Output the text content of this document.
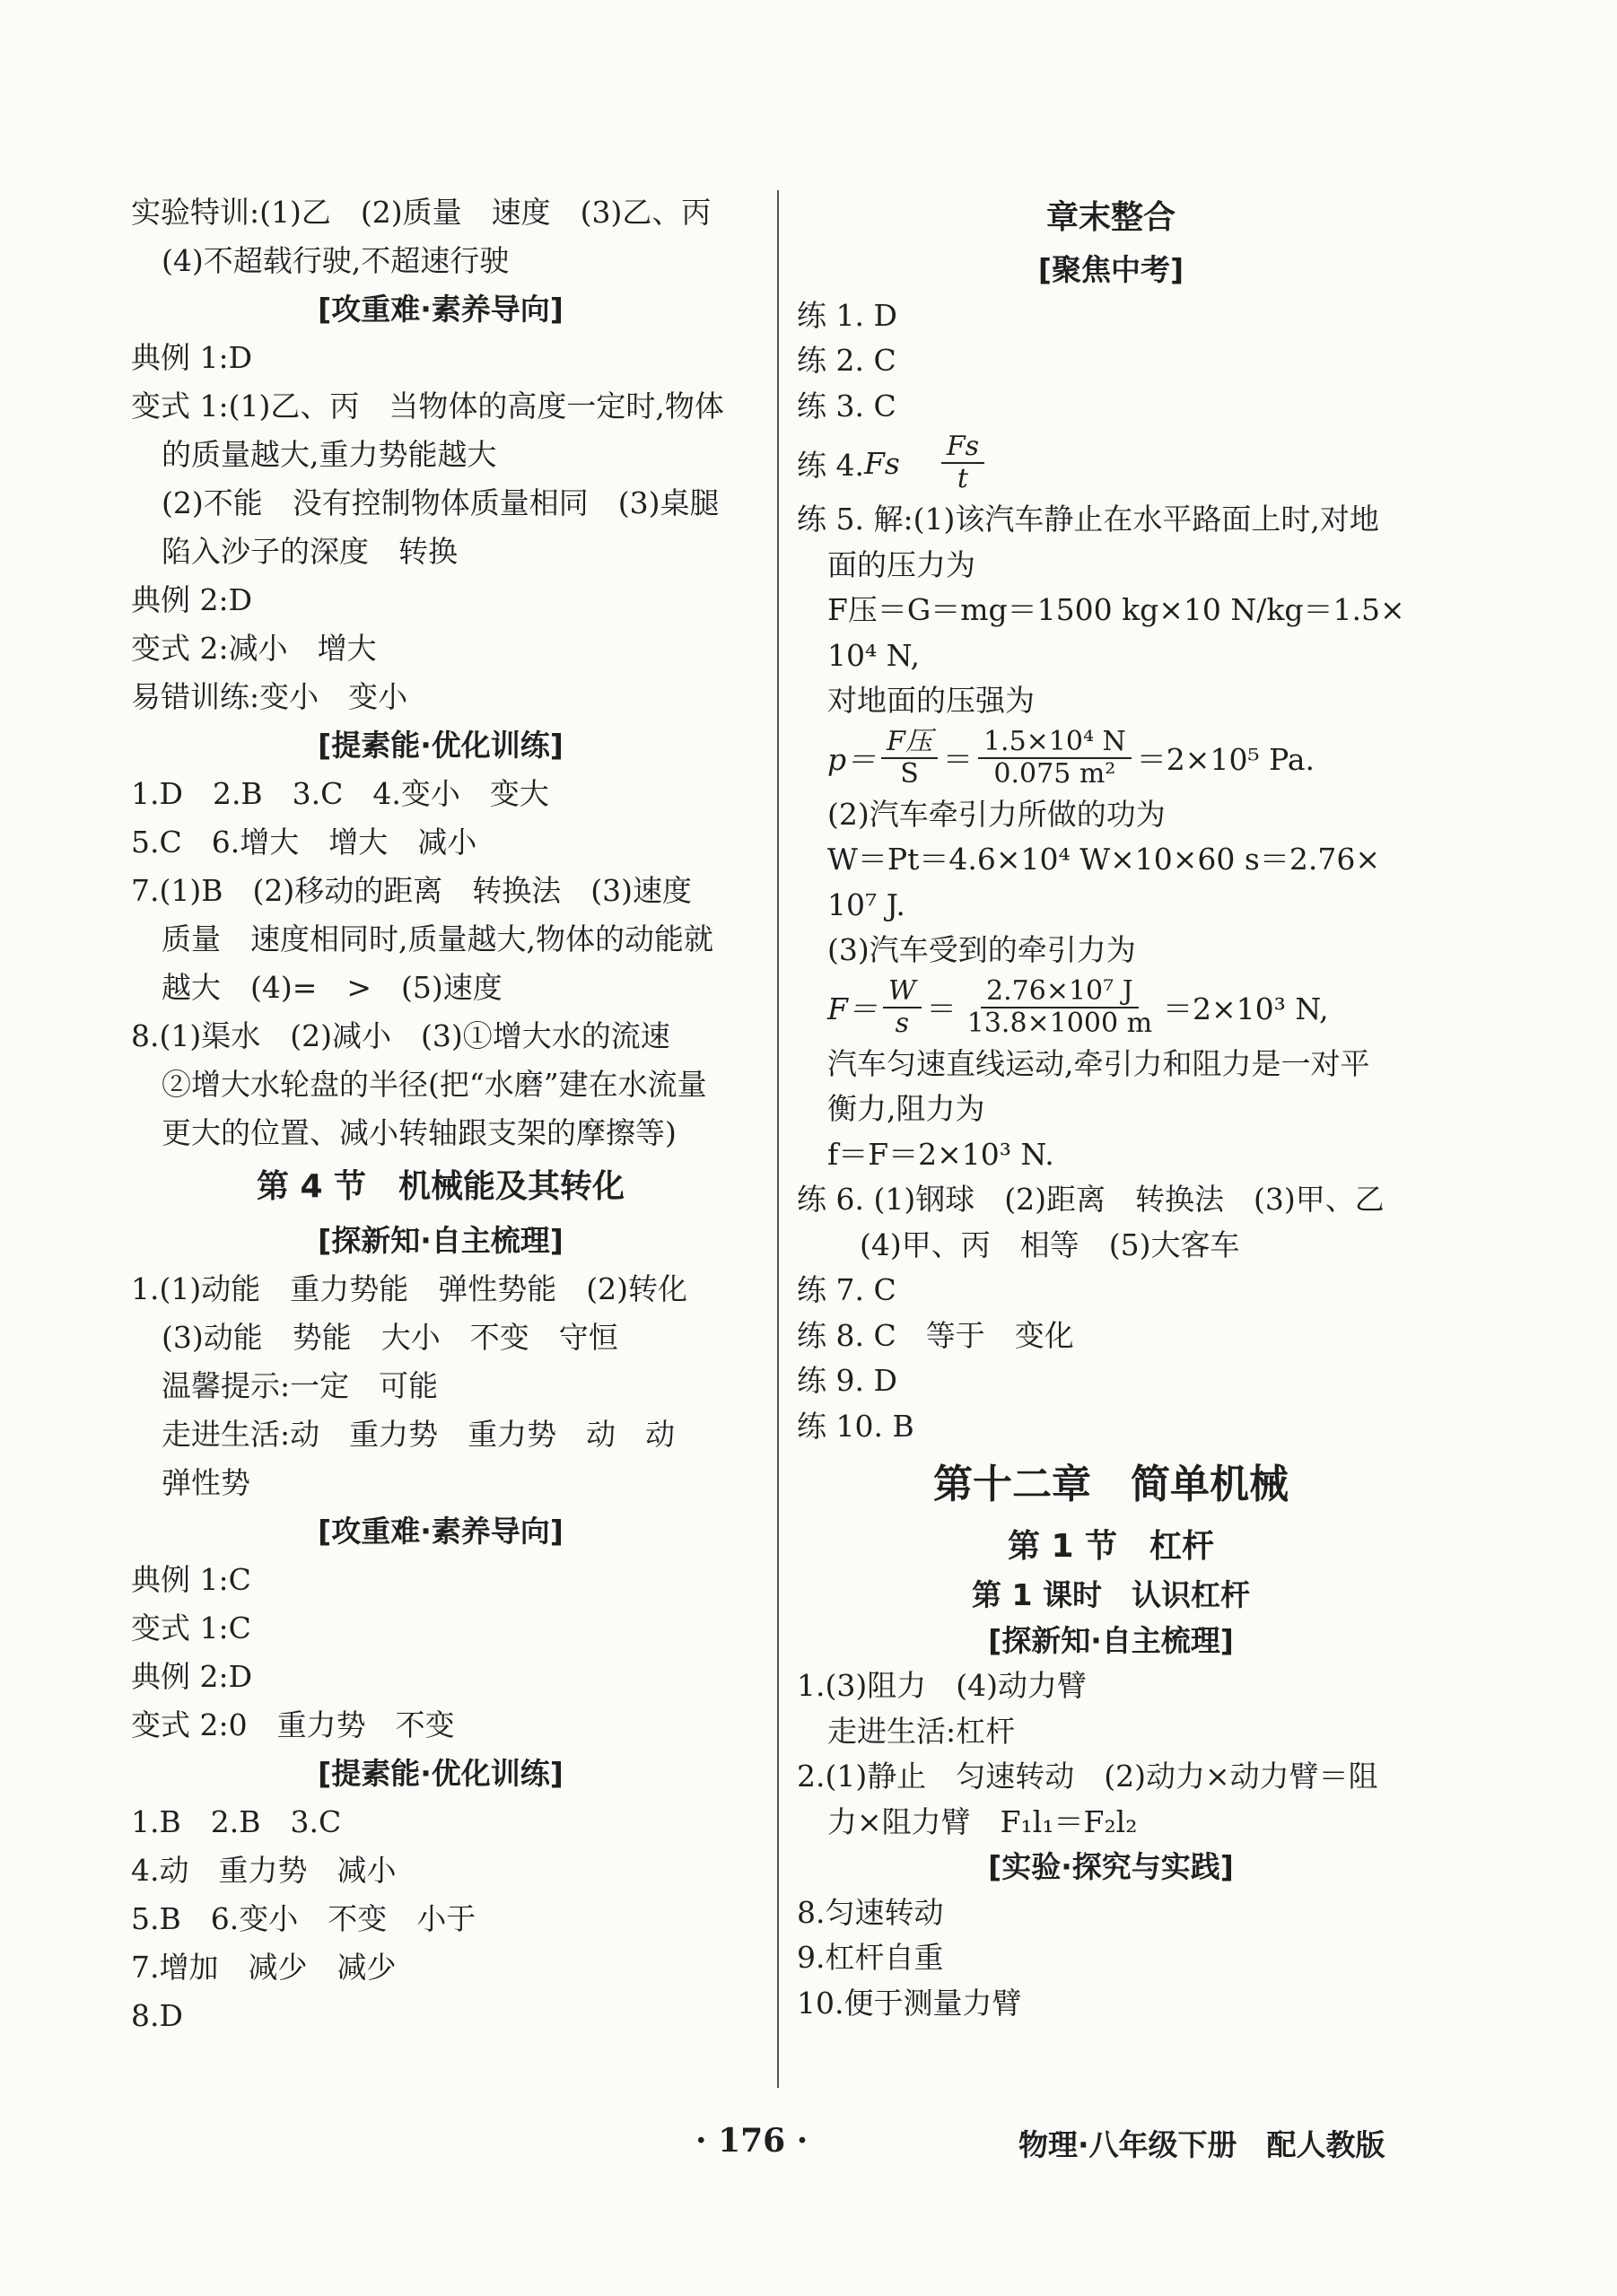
实验特训:(1)乙　(2)质量　速度　(3)乙、丙
(4)不超载行驶,不超速行驶
[攻重难·素养导向]
典例 1:D
变式 1:(1)乙、丙　当物体的高度一定时,物体
的质量越大,重力势能越大
(2)不能　没有控制物体质量相同　(3)桌腿
陷入沙子的深度　转换
典例 2:D
变式 2:减小　增大
易错训练:变小　变小
[提素能·优化训练]
1.D　2.B　3.C　4.变小　变大
5.C　6.增大　增大　减小
7.(1)B　(2)移动的距离　转换法　(3)速度
质量　速度相同时,质量越大,物体的动能就
越大　(4)=　>　(5)速度
8.(1)渠水　(2)减小　(3)①增大水的流速
②增大水轮盘的半径(把“水磨”建在水流量
更大的位置、减小转轴跟支架的摩擦等)
第 4 节　机械能及其转化
[探新知·自主梳理]
1.(1)动能　重力势能　弹性势能　(2)转化
(3)动能　势能　大小　不变　守恒
温馨提示:一定　可能
走进生活:动　重力势　重力势　动　动
弹性势
[攻重难·素养导向]
典例 1:C
变式 1:C
典例 2:D
变式 2:0　重力势　不变
[提素能·优化训练]
1.B　2.B　3.C
4.动　重力势　减小
5.B　6.变小　不变　小于
7.增加　减少　减少
8.D
章末整合
[聚焦中考]
练 1. D
练 2. C
练 3. C
练 4. Fs $\frac{Fs}{t}$
练 5. 解:(1)该汽车静止在水平路面上时,对地
面的压力为
F压＝G＝mg＝1500 kg×10 N/kg＝1.5×
10⁴ N,
对地面的压强为
$p= \frac{\text{F压}}{S} = \frac{\text{1.5×10⁴ N}}{\text{0.075 m²}} =2\times 10^5$ Pa.
(2)汽车牵引力所做的功为
W＝Pt＝4.6×10⁴ W×10×60 s＝2.76×
10⁷ J.
(3)汽车受到的牵引力为
$F= \frac{W}{s} = \frac{\text{2.76×10⁷ J}}{13.8\times 1000 m} =2\times 10^3$ N,
汽车匀速直线运动,牵引力和阻力是一对平
衡力,阻力为
f＝F＝2×10³ N.
练 6. (1)钢球　(2)距离　转换法　(3)甲、乙
(4)甲、丙　相等　(5)大客车
练 7. C
练 8. C　等于　变化
练 9. D
练 10. B
第十二章　简单机械
第 1 节　杠杆
第 1 课时　认识杠杆
[探新知·自主梳理]
1.(3)阻力　(4)动力臂
走进生活:杠杆
2.(1)静止　匀速转动　(2)动力×动力臂＝阻
力×阻力臂　F₁l₁＝F₂l₂
[实验·探究与实践]
8.匀速转动
9.杠杆自重
10.便于测量力臂
· 176 ·	物理·八年级下册　配人教版
